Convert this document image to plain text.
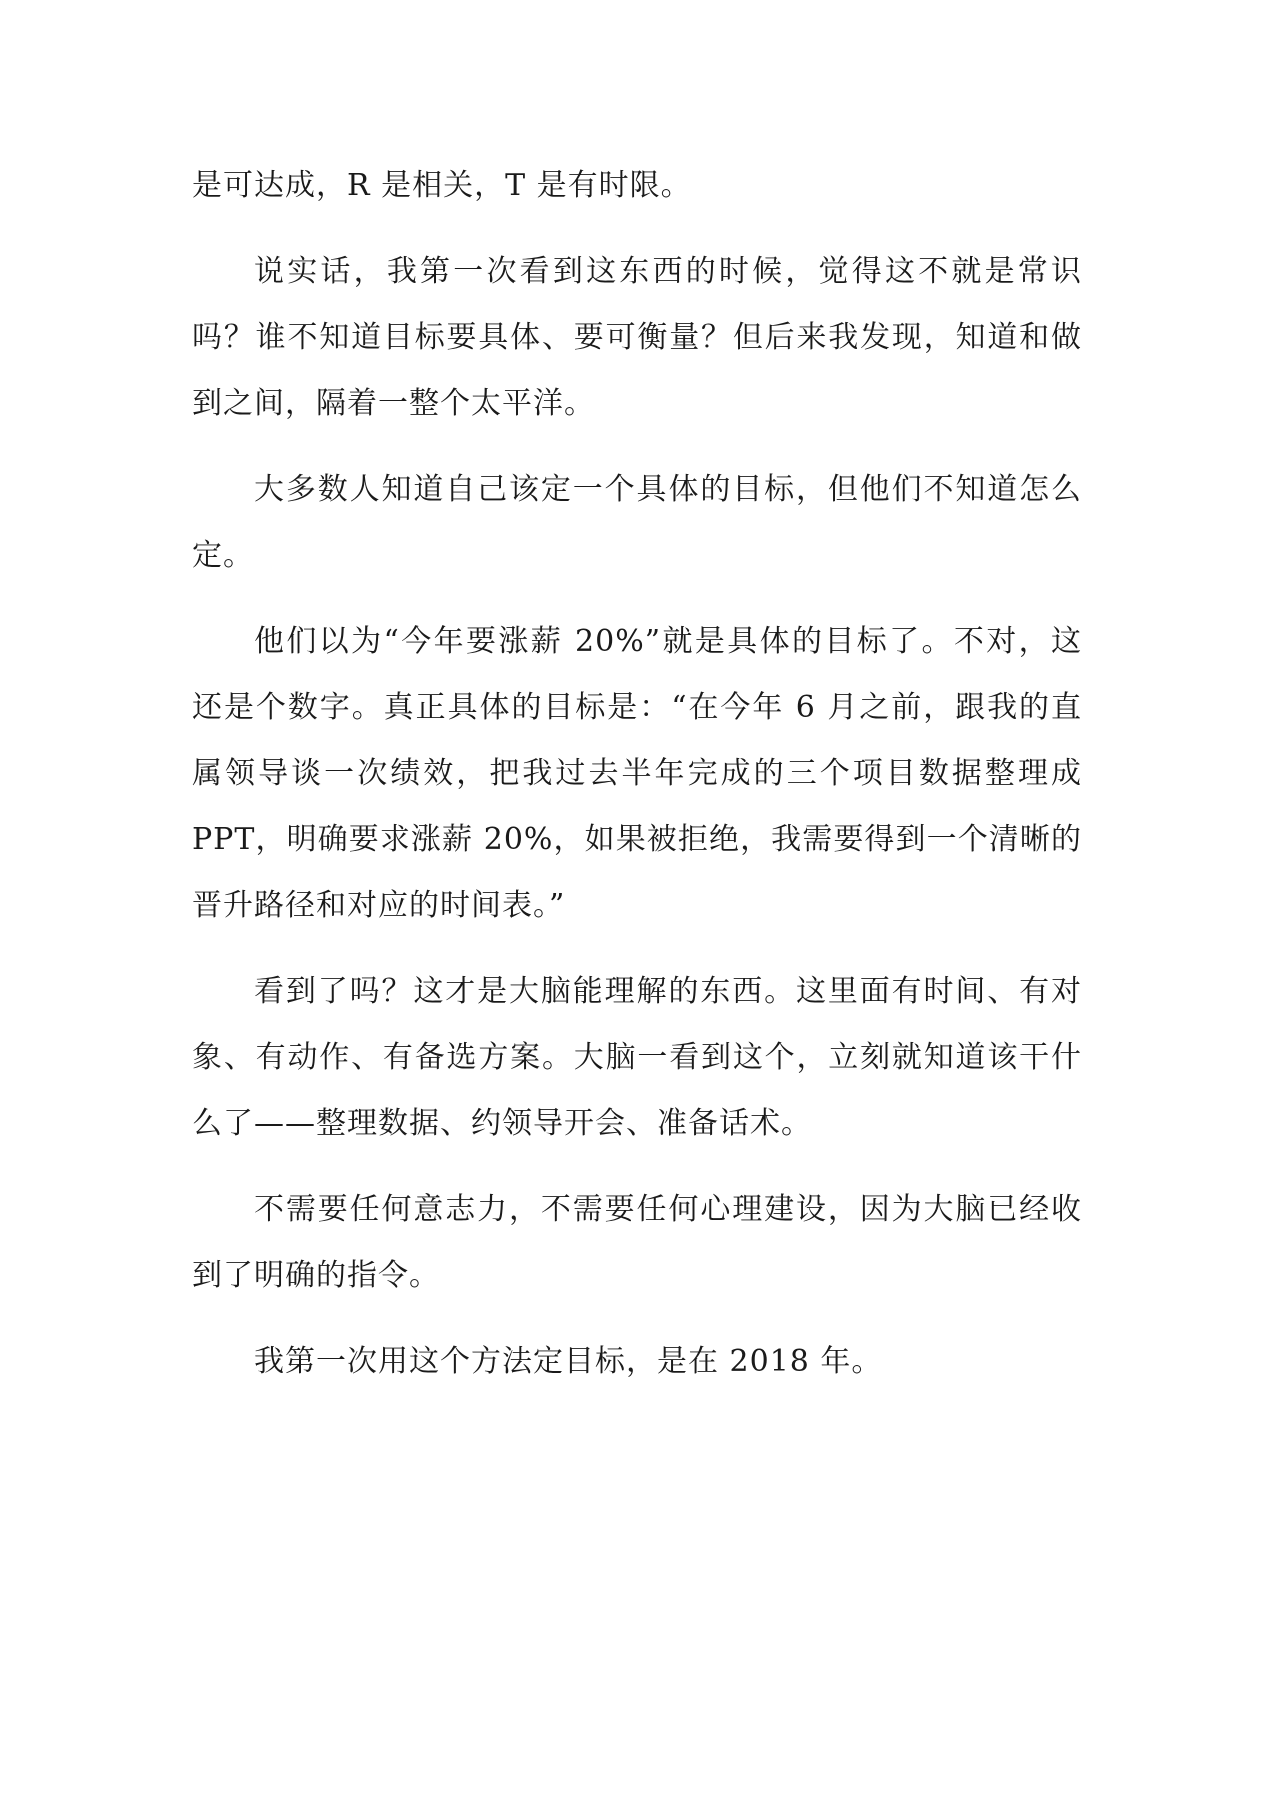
是可达成，R 是相关，T 是有时限。
说实话，我第一次看到这东西的时候，觉得这不就是常识
吗？谁不知道目标要具体、要可衡量？但后来我发现，知道和做
到之间，隔着一整个太平洋。
大多数人知道自己该定一个具体的目标，但他们不知道怎么
定。
他们以为“今年要涨薪 20%”就是具体的目标了。不对，这
还是个数字。真正具体的目标是：“在今年 6 月之前，跟我的直
属领导谈一次绩效，把我过去半年完成的三个项目数据整理成
PPT，明确要求涨薪 20%，如果被拒绝，我需要得到一个清晰的
晋升路径和对应的时间表。”
看到了吗？这才是大脑能理解的东西。这里面有时间、有对
象、有动作、有备选方案。大脑一看到这个，立刻就知道该干什
么了——整理数据、约领导开会、准备话术。
不需要任何意志力，不需要任何心理建设，因为大脑已经收
到了明确的指令。
我第一次用这个方法定目标，是在 2018 年。
